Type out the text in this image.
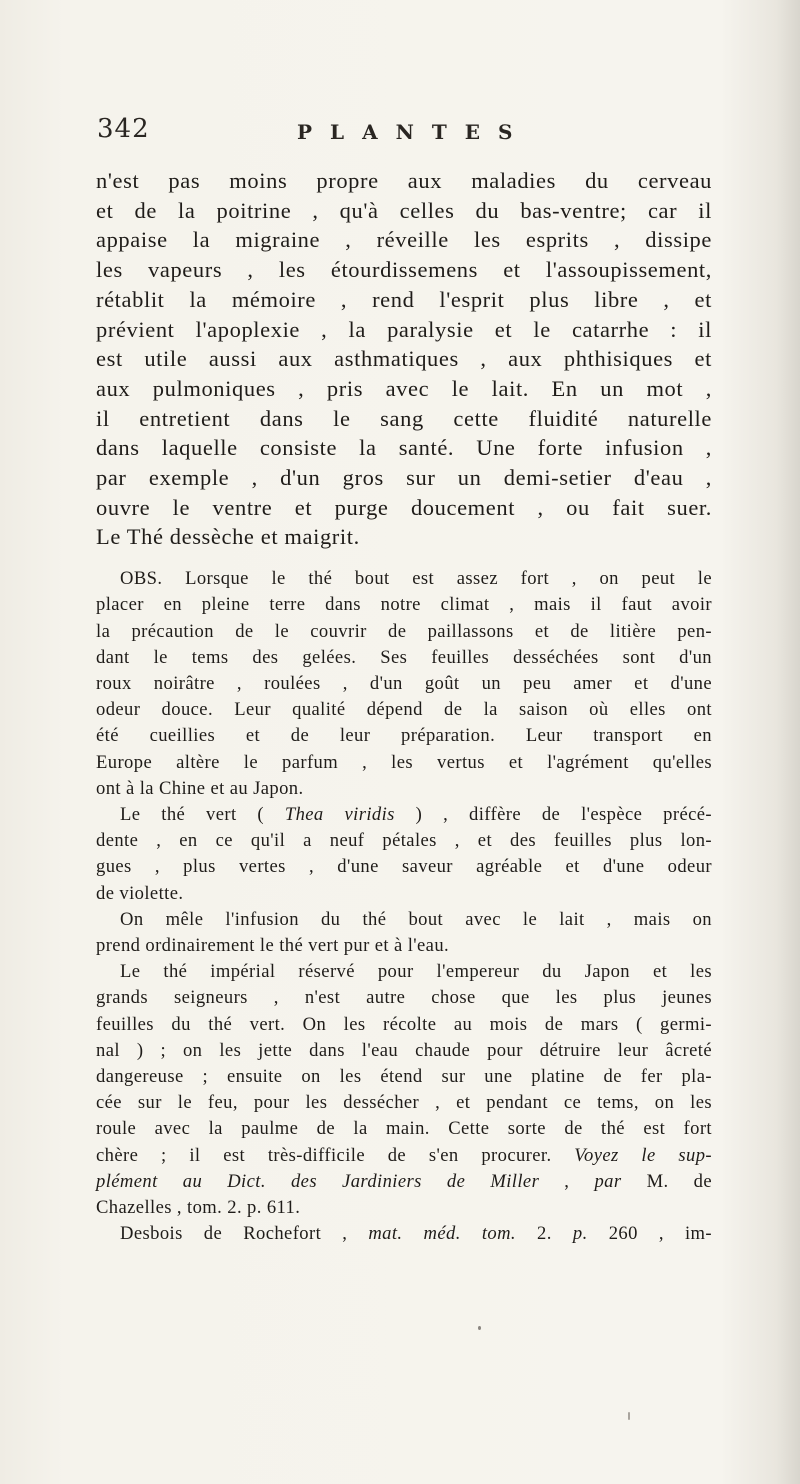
342	PLANTES

n'est pas moins propre aux maladies du cerveau

et de la poitrine , qu'à celles du bas-ventre; car il

appaise la migraine , réveille les esprits , dissipe

les vapeurs , les étourdissemens et l'assoupissement,

rétablit la mémoire , rend l'esprit plus libre , et

prévient l'apoplexie , la paralysie et le catarrhe : il

est utile aussi aux asthmatiques , aux phthisiques et

aux pulmoniques , pris avec le lait. En un mot ,

il entretient dans le sang cette fluidité naturelle

dans laquelle consiste la santé. Une forte infusion ,

par exemple , d'un gros sur un demi-setier d'eau ,

ouvre le ventre et purge doucement , ou fait suer.

Le Thé dessèche et maigrit.

OBS. Lorsque le thé bout est assez fort , on peut le

placer en pleine terre dans notre climat , mais il faut avoir

la précaution de le couvrir de paillassons et de litière pen-

dant le tems des gelées. Ses feuilles desséchées sont d'un

roux noirâtre , roulées , d'un goût un peu amer et d'une

odeur douce. Leur qualité dépend de la saison où elles ont

été cueillies et de leur préparation. Leur transport en

Europe altère le parfum , les vertus et l'agrément qu'elles

ont à la Chine et au Japon.

Le thé vert ( Thea viridis ) , diffère de l'espèce précé-

dente , en ce qu'il a neuf pétales , et des feuilles plus lon-

gues , plus vertes , d'une saveur agréable et d'une odeur

de violette.

On mêle l'infusion du thé bout avec le lait , mais on

prend ordinairement le thé vert pur et à l'eau.

Le thé impérial réservé pour l'empereur du Japon et les

grands seigneurs , n'est autre chose que les plus jeunes

feuilles du thé vert. On les récolte au mois de mars ( germi-

nal ) ; on les jette dans l'eau chaude pour détruire leur âcreté

dangereuse ; ensuite on les étend sur une platine de fer pla-

cée sur le feu, pour les dessécher , et pendant ce tems, on les

roule avec la paulme de la main. Cette sorte de thé est fort

chère ; il est très-difficile de s'en procurer. Voyez le sup-

plément au Dict. des Jardiniers de Miller , par M. de

Chazelles , tom. 2. p. 611.

Desbois de Rochefort , mat. méd. tom. 2. p. 260 , im-
